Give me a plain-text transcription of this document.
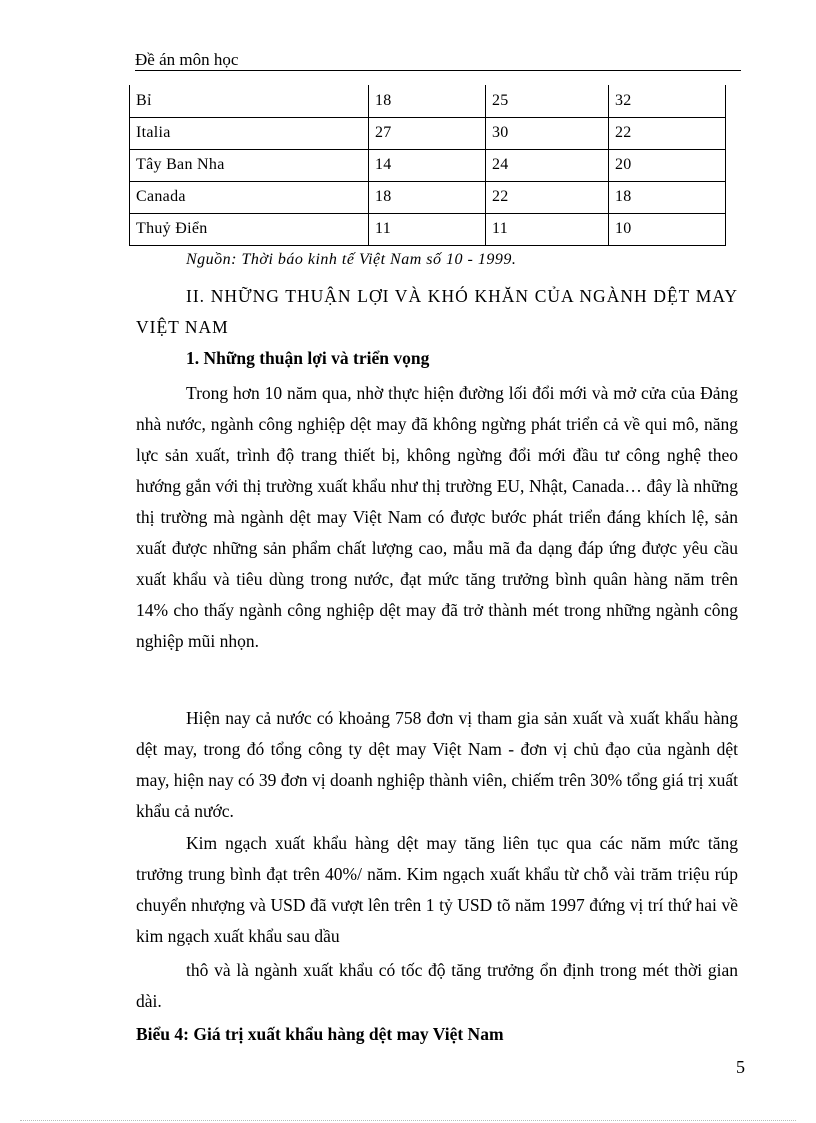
Đề án môn học
Bỉ	18	25	32
Italia	27	30	22
Tây Ban Nha	14	24	20
Canada	18	22	18
Thuỷ Điển	11	11	10
Nguồn: Thời báo kinh tế Việt Nam số 10 - 1999.

II. NHỮNG THUẬN LỢI VÀ KHÓ KHĂN CỦA NGÀNH DỆT MAY VIỆT NAM

1. Những thuận lợi và triển vọng

Trong hơn 10 năm qua, nhờ thực hiện đường lối đổi mới và mở cửa của Đảng nhà nước, ngành công nghiệp dệt may đã không ngừng phát triển cả về qui mô, năng lực sản xuất, trình độ trang thiết bị, không ngừng đổi mới đầu tư công nghệ theo hướng gắn với thị trường xuất khẩu như thị trường EU, Nhật, Canada… đây là những thị trường mà ngành dệt may Việt Nam có được bước phát triển đáng khích lệ, sản xuất được những sản phẩm chất lượng cao, mẫu mã đa dạng đáp ứng được yêu cầu xuất khẩu và tiêu dùng trong nước, đạt mức tăng trưởng bình quân hàng năm trên 14% cho thấy ngành công nghiệp dệt may đã trở thành mét trong những ngành công nghiệp mũi nhọn.

Hiện nay cả nước có khoảng 758 đơn vị tham gia sản xuất và xuất khẩu hàng dệt may, trong đó tổng công ty dệt may Việt Nam - đơn vị chủ đạo của ngành dệt may, hiện nay có 39 đơn vị doanh nghiệp thành viên, chiếm trên 30% tổng giá trị xuất khẩu cả nước.

Kim ngạch xuất khẩu hàng dệt may tăng liên tục qua các năm mức tăng trưởng trung bình đạt trên 40%/ năm. Kim ngạch xuất khẩu từ chỗ vài trăm triệu rúp chuyển nhượng và USD đã vượt lên trên 1 tỷ USD tõ năm 1997 đứng vị trí thứ hai về kim ngạch xuất khẩu sau dầu

thô và là ngành xuất khẩu có tốc độ tăng trưởng ổn định trong mét thời gian dài.

Biểu 4: Giá trị xuất khẩu hàng dệt may Việt Nam
5
